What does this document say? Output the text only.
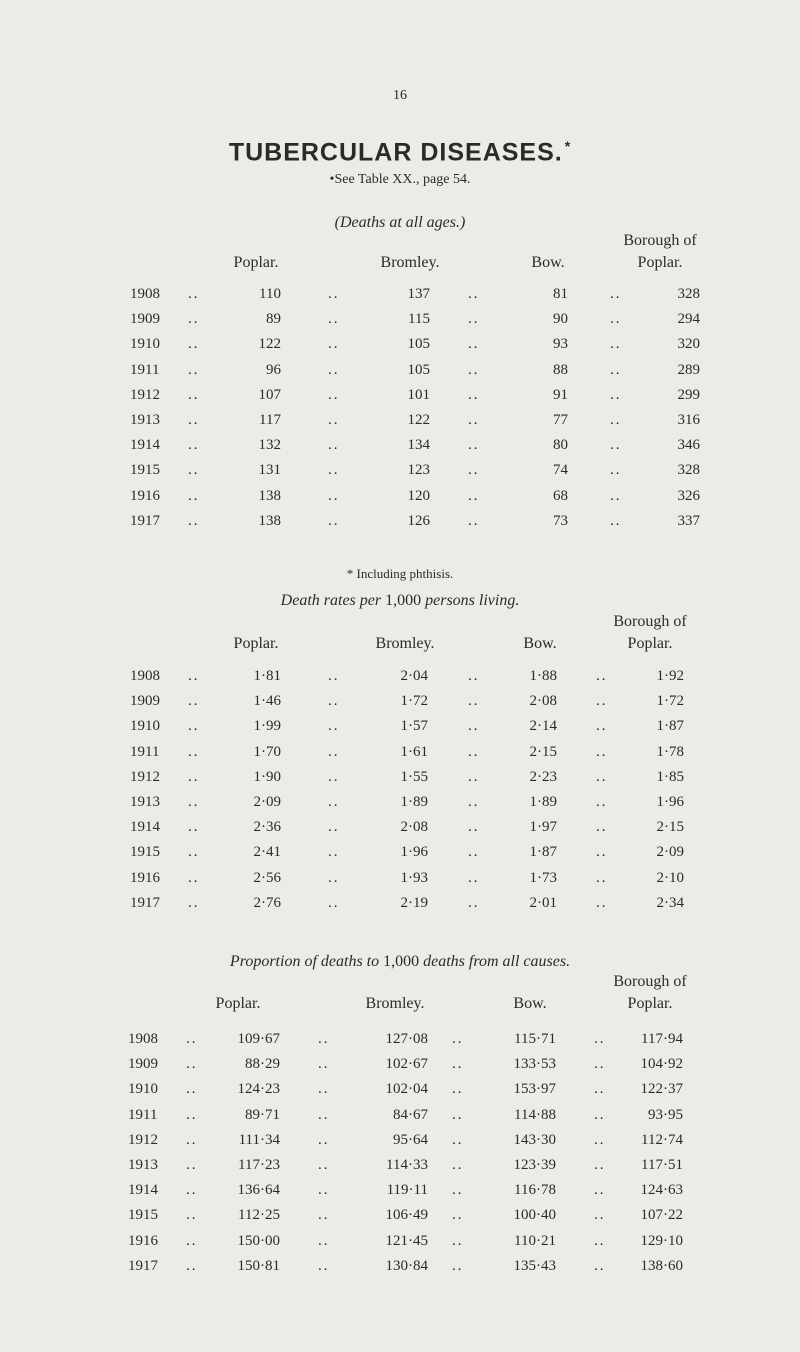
16
TUBERCULAR DISEASES. *
•See Table XX., page 54.
(Deaths at all ages.)
Poplar.	Bromley.	Bow.
Borough of
Poplar.
1908	110	137	81	328
..	..	..	..
1909	89	115	90	294
..	..	..	..
1910	122	105	93	320
..	..	..	..
1911	96	105	88	289
..	..	..	..
1912	107	101	91	299
..	..	..	..
1913	117	122	77	316
..	..	..	..
1914	132	134	80	346
..	..	..	..
1915	131	123	74	328
..	..	..	..
1916	138	120	68	326
..	..	..	..
1917	138	126	73	337
..	..	..	..
* Including phthisis.
Death rates per 1,000 persons living.
Poplar.	Bromley.	Bow.
Borough of
Poplar.
1908	1·81	2·04	1·88	1·92
..	..	..	..
1909	1·46	1·72	2·08	1·72
..	..	..	..
1910	1·99	1·57	2·14	1·87
..	..	..	..
1911	1·70	1·61	2·15	1·78
..	..	..	..
1912	1·90	1·55	2·23	1·85
..	..	..	..
1913	2·09	1·89	1·89	1·96
..	..	..	..
1914	2·36	2·08	1·97	2·15
..	..	..	..
1915	2·41	1·96	1·87	2·09
..	..	..	..
1916	2·56	1·93	1·73	2·10
..	..	..	..
1917	2·76	2·19	2·01	2·34
..	..	..	..
Proportion of deaths to 1,000 deaths from all causes.
Poplar.	Bromley.	Bow.
Borough of
Poplar.
1908	109·67	127·08	115·71	117·94
..	..	..	..
1909	88·29	102·67	133·53	104·92
..	..	..	..
1910	124·23	102·04	153·97	122·37
..	..	..	..
1911	89·71	84·67	114·88	93·95
..	..	..	..
1912	111·34	95·64	143·30	112·74
..	..	..	..
1913	117·23	114·33	123·39	117·51
..	..	..	..
1914	136·64	119·11	116·78	124·63
..	..	..	..
1915	112·25	106·49	100·40	107·22
..	..	..	..
1916	150·00	121·45	110·21	129·10
..	..	..	..
1917	150·81	130·84	135·43	138·60
..	..	..	..
